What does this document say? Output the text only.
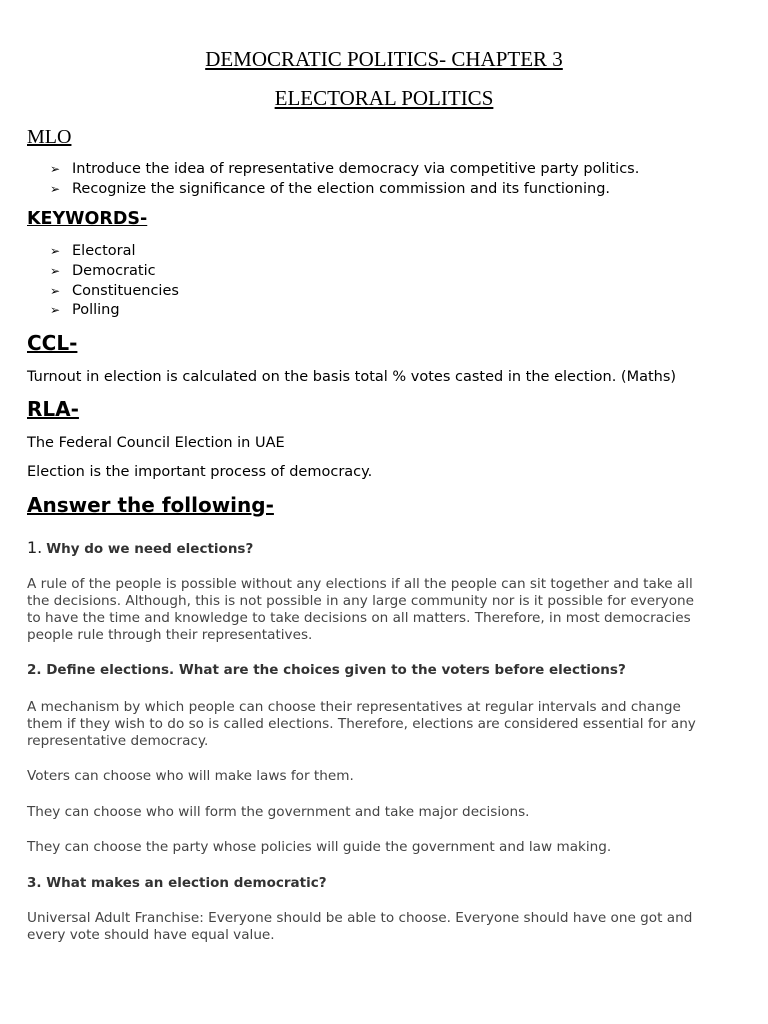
DEMOCRATIC POLITICS- CHAPTER 3
ELECTORAL POLITICS
MLO
➢ Introduce the idea of representative democracy via competitive party politics.
➢ Recognize the significance of the election commission and its functioning.
KEYWORDS-
➢ Electoral
➢ Democratic
➢ Constituencies
➢ Polling
CCL-
Turnout in election is calculated on the basis total % votes casted in the election. (Maths)
RLA-
The Federal Council Election in UAE
Election is the important process of democracy.
Answer the following-
1. Why do we need elections?
A rule of the people is possible without any elections if all the people can sit together and take all
the decisions. Although, this is not possible in any large community nor is it possible for everyone
to have the time and knowledge to take decisions on all matters. Therefore, in most democracies
people rule through their representatives.
2. Define elections. What are the choices given to the voters before elections?
A mechanism by which people can choose their representatives at regular intervals and change
them if they wish to do so is called elections. Therefore, elections are considered essential for any
representative democracy.
Voters can choose who will make laws for them.
They can choose who will form the government and take major decisions.
They can choose the party whose policies will guide the government and law making.
3. What makes an election democratic?
Universal Adult Franchise: Everyone should be able to choose. Everyone should have one got and
every vote should have equal value.
